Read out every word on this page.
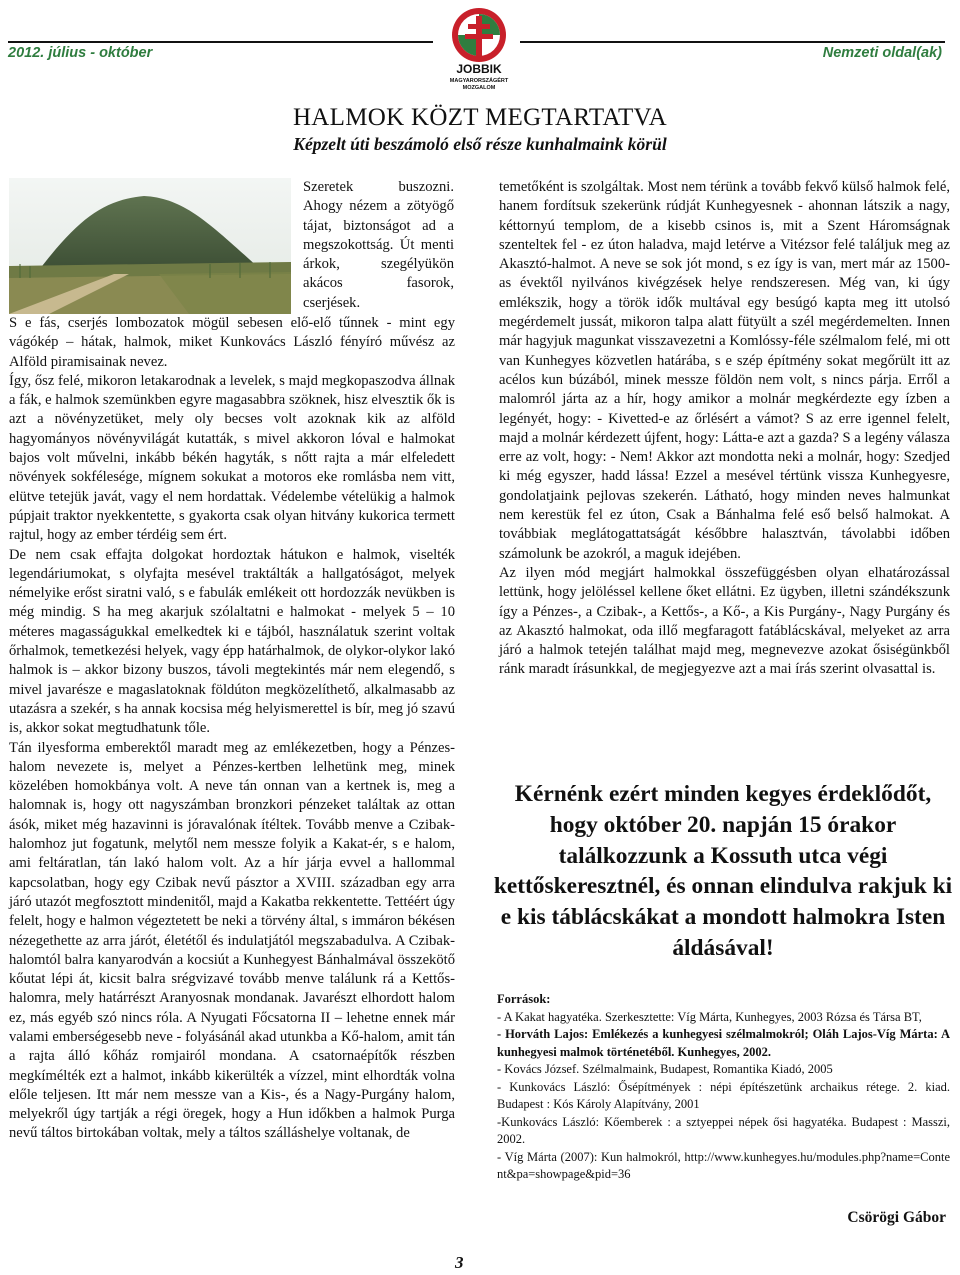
2012. július - október	Nemzeti oldal(ak)
JOBBIK
MAGYARORSZÁGÉRT
MOZGALOM
HALMOK KÖZT MEGTARTATVA
Képzelt úti beszámoló első része kunhalmaink körül

Szeretek buszozni. Ahogy nézem a zötyögő tájat, biztonságot ad a megszokottság. Út menti árkok, szegélyükön akácos fasorok, cserjések.

S e fás, cserjés lombozatok mögül sebesen elő-elő tűnnek - mint egy vágókép – hátak, halmok, miket Kunkovács László fényíró művész az Alföld piramisainak nevez.

Így, ősz felé, mikoron letakarodnak a levelek, s majd megkopaszodva állnak a fák, e halmok szemünkben egyre magasabbra szöknek, hisz elvesztik ők is azt a növényzetüket, mely oly becses volt azoknak kik az alföld hagyományos növényvilágát kutatták, s mivel akkoron lóval e halmokat bajos volt művelni, inkább békén hagyták, s nőtt rajta a már elfeledett növények sokfélesége, mígnem sokukat a motoros eke romlásba nem vitt, elütve tetejük javát, vagy el nem hordattak. Védelembe vételükig a halmok púpjait traktor nyekkentette, s gyakorta csak olyan hitvány kukorica termett rajtul, hogy az ember térdéig sem ért.

De nem csak effajta dolgokat hordoztak hátukon e halmok, viselték legendáriumokat, s olyfajta mesével traktálták a hallgatóságot, melyek némelyike erőst siratni való, s e fabulák emlékeit ott hordozzák nevükben is még mindig. S ha meg akarjuk szólaltatni e halmokat - melyek 5 – 10 méteres magasságukkal emelkedtek ki e tájból, használatuk szerint voltak őrhalmok, temetkezési helyek, vagy épp határhalmok, de olykor-olykor lakó halmok is – akkor bizony buszos, távoli megtekintés már nem elegendő, s mivel javarésze e magaslatoknak földúton megközelíthető, alkalmasabb az utazásra a szekér, s ha annak kocsisa még helyismerettel is bír, meg jó szavú is, akkor sokat megtudhatunk tőle.

Tán ilyesforma emberektől maradt meg az emlékezetben, hogy a Pénzes-halom nevezete is, melyet a Pénzes-kertben lelhetünk meg, minek közelében homokbánya volt. A neve tán onnan van a kertnek is, meg a halomnak is, hogy ott nagyszámban bronzkori pénzeket találtak az ottan ásók, miket még hazavinni is jóravalónak ítéltek. Tovább menve a Czibak-halomhoz jut fogatunk, melytől nem messze folyik a Kakat-ér, s e halom, ami feltáratlan, tán lakó halom volt. Az a hír járja evvel a hallommal kapcsolatban, hogy egy Czibak nevű pásztor a XVIII. században egy arra járó utazót megfosztott mindenitől, majd a Kakatba rekkentette. Tettéért úgy felelt, hogy e halmon végeztetett be neki a törvény által, s immáron békésen nézegethette az arra járót, életétől és indulatjától megszabadulva. A Czibak-halomtól balra kanyarodván a kocsiút a Kunhegyest Bánhalmával összekötő kőutat lépi át, kicsit balra srégvizavé tovább menve találunk rá a Kettős-halomra, mely határrészt Aranyosnak mondanak. Javarészt elhordott halom ez, más egyéb szó nincs róla. A Nyugati Főcsatorna II – lehetne ennek már valami emberségesebb neve - folyásánál akad utunkba a Kő-halom, amit tán a rajta álló kőház romjairól mondana. A csatornaépítők részben megkímélték ezt a halmot, inkább kikerülték a vízzel, mint elhordták volna előle teljesen. Itt már nem messze van a Kis-, és a Nagy-Purgány halom, melyekről úgy tartják a régi öregek, hogy a Hun időkben a halmok Purga nevű táltos birtokában voltak, mely a táltos szálláshelye voltanak, de

temetőként is szolgáltak. Most nem térünk a tovább fekvő külső halmok felé, hanem fordítsuk szekerünk rúdját Kunhegyesnek - ahonnan látszik a nagy, kéttornyú templom, de a kisebb csinos is, mit a Szent Háromságnak szenteltek fel - ez úton haladva, majd letérve a Vitézsor felé találjuk meg az Akasztó-halmot. A neve se sok jót mond, s ez így is van, mert már az 1500-as évektől nyilvános kivégzések helye rendszeresen. Még van, ki úgy emlékszik, hogy a török idők multával egy besúgó kapta meg itt utolsó megérdemelt jussát, mikoron talpa alatt fütyült a szél megérdemelten. Innen már hagyjuk magunkat visszavezetni a Komlóssy-féle szélmalom felé, mi ott van Kunhegyes közvetlen határába, s e szép építmény sokat megőrült itt az acélos kun búzából, minek messze földön nem volt, s nincs párja. Erről a malomról járta az a hír, hogy amikor a molnár megkérdezte egy ízben a legényét, hogy: - Kivetted-e az őrlésért a vámot? S az erre igennel felelt, majd a molnár kérdezett újfent, hogy: Látta-e azt a gazda? S a legény válasza erre az volt, hogy: - Nem! Akkor azt mondotta neki a molnár, hogy: Szedjed ki még egyszer, hadd lássa! Ezzel a mesével tértünk vissza Kunhegyesre, gondolatjaink pejlovas szekerén. Látható, hogy minden neves halmunkat nem kerestük fel ez úton, Csak a Bánhalma felé eső belső halmokat. A továbbiak meglátogattatságát későbbre halasztván, távolabbi időben számolunk be azokról, a maguk idejében.

Az ilyen mód megjárt halmokkal összefüggésben olyan elhatározással lettünk, hogy jelöléssel kellene őket ellátni. Ez ügyben, illetni szándékszunk így a Pénzes-, a Czibak-, a Kettős-, a Kő-, a Kis Purgány-, Nagy Purgány és az Akasztó halmokat, oda illő megfaragott fatáblácskával, melyeket az arra járó a halmok tetején találhat majd meg, megnevezve azokat ősiségünkből ránk maradt írásunkkal, de megjegyezve azt a mai írás szerint olvasattal is.

Kérnénk ezért minden kegyes érdeklődőt, hogy október 20. napján 15 órakor találkozzunk a Kossuth utca végi kettőskeresztnél, és onnan elindulva rakjuk ki e kis táblácskákat a mondott halmokra Isten áldásával!

Források:

- A Kakat hagyatéka. Szerkesztette: Víg Márta, Kunhegyes, 2003 Rózsa és Társa BT,

- Horváth Lajos: Emlékezés a kunhegyesi szélmalmokról; Oláh Lajos-Víg Márta: A kunhegyesi malmok történetéből. Kunhegyes, 2002.

- Kovács József. Szélmalmaink, Budapest, Romantika Kiadó, 2005

- Kunkovács László: Ősépítmények : népi építészetünk archaikus rétege. 2. kiad. Budapest : Kós Károly Alapítvány, 2001

-Kunkovács László: Kőemberek : a sztyeppei népek ősi hagyatéka. Budapest : Masszi, 2002.

- Víg Márta (2007): Kun halmokról, http://www.kunhegyes.hu/modules.php?name=Content&pa=showpage&pid=36

Csörögi Gábor
3
